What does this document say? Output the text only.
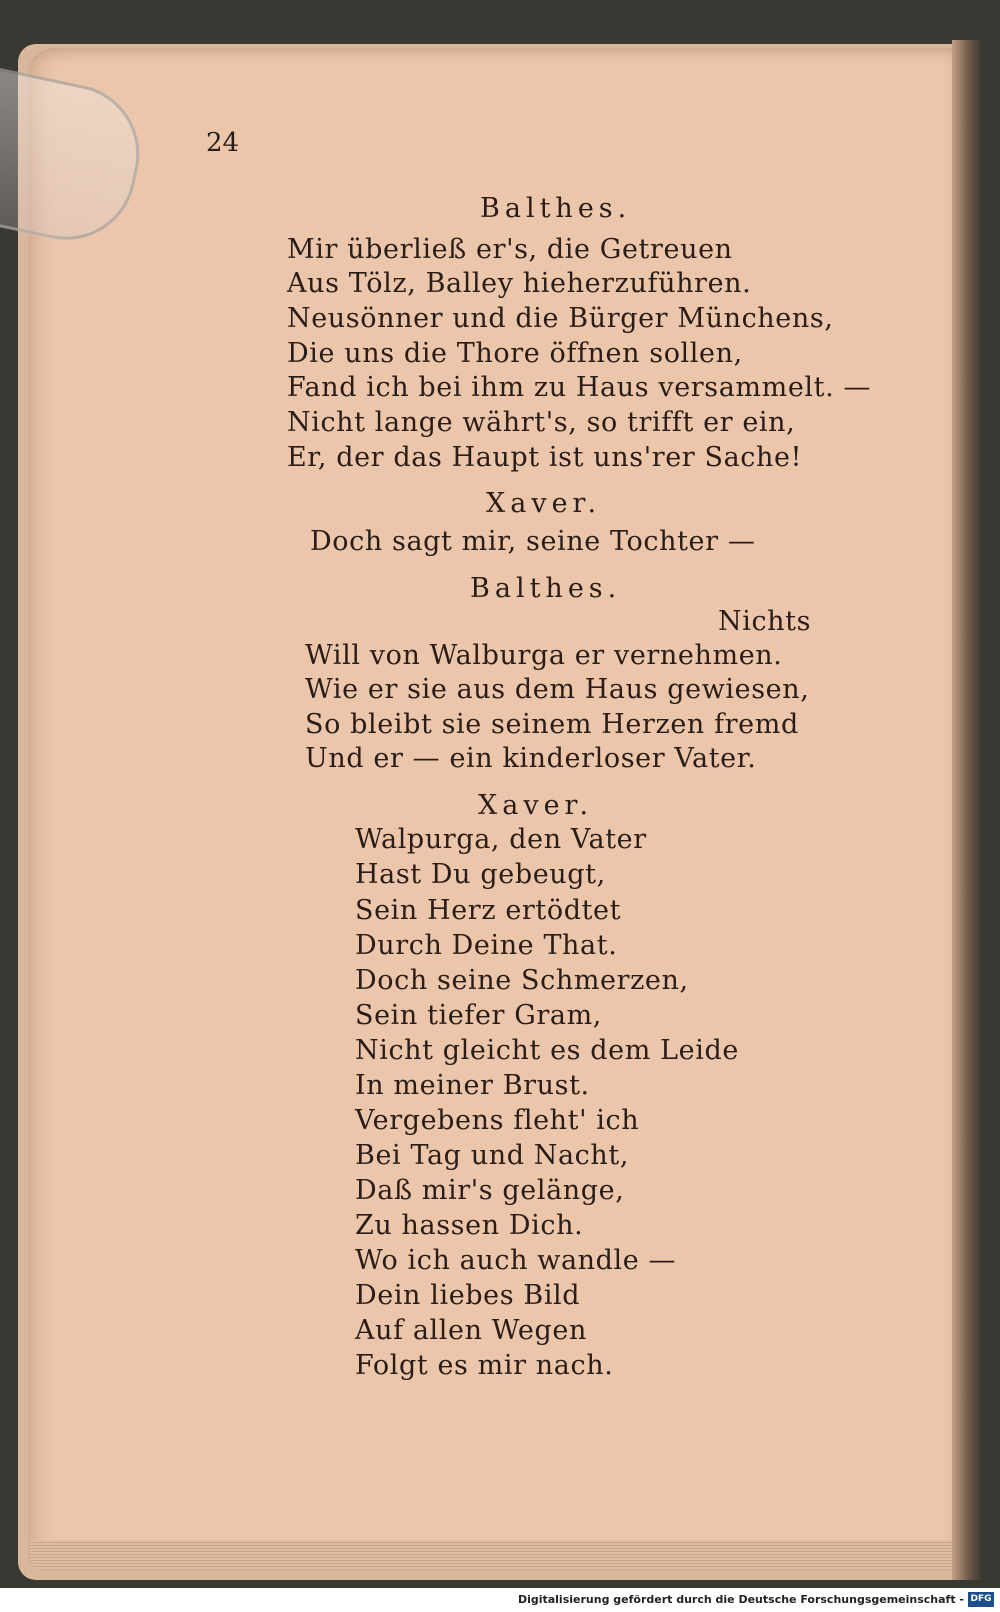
24
Balthes.
Mir überließ er's, die Getreuen
Aus Tölz, Balley hieherzuführen.
Neusönner und die Bürger Münchens,
Die uns die Thore öffnen sollen,
Fand ich bei ihm zu Haus versammelt. —
Nicht lange währt's, so trifft er ein,
Er, der das Haupt ist uns'rer Sache!
Xaver.
Doch sagt mir, seine Tochter —
Balthes.
Nichts
Will von Walburga er vernehmen.
Wie er sie aus dem Haus gewiesen,
So bleibt sie seinem Herzen fremd
Und er — ein kinderloser Vater.
Xaver.
Walpurga, den Vater
Hast Du gebeugt,
Sein Herz ertödtet
Durch Deine That.
Doch seine Schmerzen,
Sein tiefer Gram,
Nicht gleicht es dem Leide
In meiner Brust.
Vergebens fleht' ich
Bei Tag und Nacht,
Daß mir's gelänge,
Zu hassen Dich.
Wo ich auch wandle —
Dein liebes Bild
Auf allen Wegen
Folgt es mir nach.
Digitalisierung gefördert durch die Deutsche Forschungsgemeinschaft - DFG
